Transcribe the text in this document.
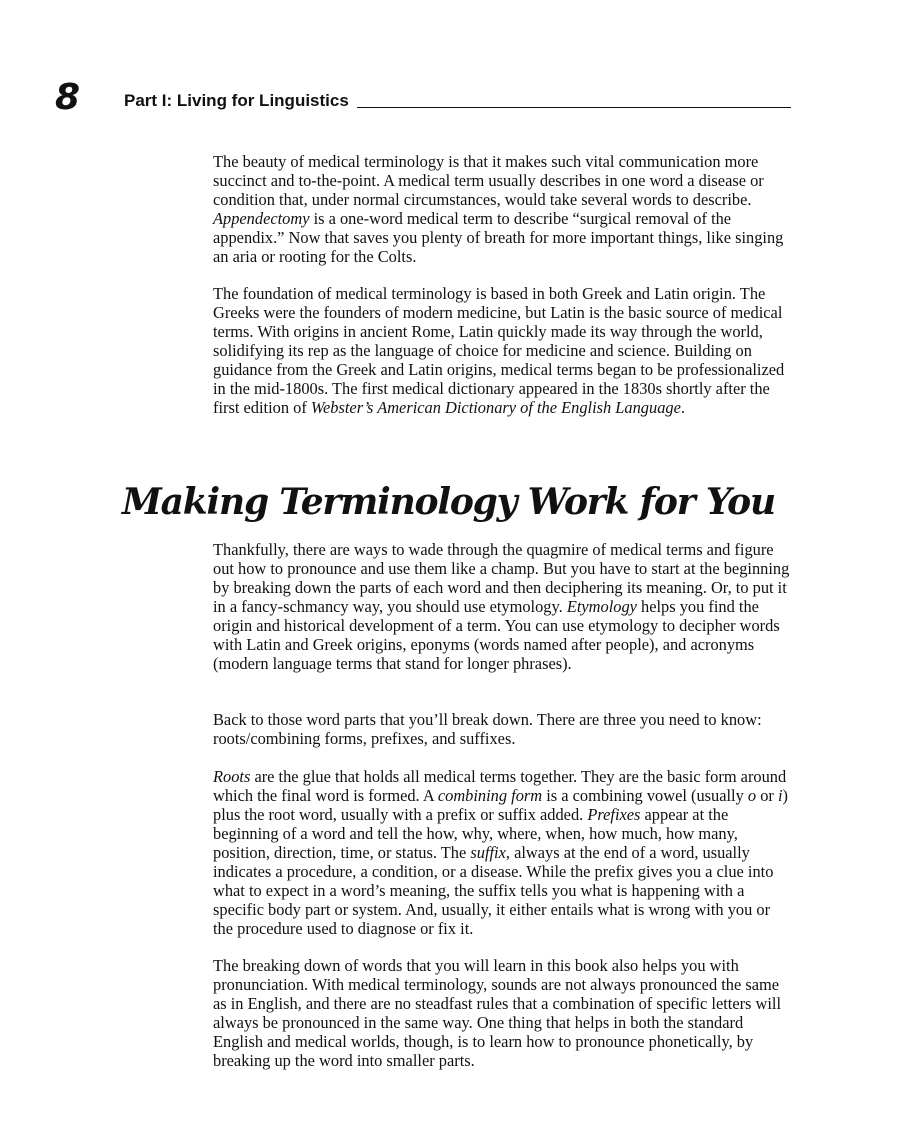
8	Part I: Living for Linguistics

The beauty of medical terminology is that it makes such vital communication more succinct and to-the-point. A medical term usually describes in one word a disease or condition that, under normal circumstances, would take several words to describe. Appendectomy is a one-word medical term to describe “surgical removal of the appendix.” Now that saves you plenty of breath for more important things, like singing an aria or rooting for the Colts.

The foundation of medical terminology is based in both Greek and Latin origin. The Greeks were the founders of modern medicine, but Latin is the basic source of medical terms. With origins in ancient Rome, Latin quickly made its way through the world, solidifying its rep as the language of choice for medicine and science. Building on guidance from the Greek and Latin origins, medical terms began to be professionalized in the mid-1800s. The first medical dictionary appeared in the 1830s shortly after the first edition of Webster’s American Dictionary of the English Language.

Making Terminology Work for You

Thankfully, there are ways to wade through the quagmire of medical terms and figure out how to pronounce and use them like a champ. But you have to start at the beginning by breaking down the parts of each word and then deciphering its meaning. Or, to put it in a fancy-schmancy way, you should use etymology. Etymology helps you find the origin and historical development of a term. You can use etymology to decipher words with Latin and Greek origins, eponyms (words named after people), and acronyms (modern language terms that stand for longer phrases).

Back to those word parts that you’ll break down. There are three you need to know: roots/combining forms, prefixes, and suffixes.

Roots are the glue that holds all medical terms together. They are the basic form around which the final word is formed. A combining form is a combining vowel (usually o or i) plus the root word, usually with a prefix or suffix added. Prefixes appear at the beginning of a word and tell the how, why, where, when, how much, how many, position, direction, time, or status. The suffix, always at the end of a word, usually indicates a procedure, a condition, or a disease. While the prefix gives you a clue into what to expect in a word’s meaning, the suffix tells you what is happening with a specific body part or system. And, usually, it either entails what is wrong with you or the procedure used to diagnose or fix it.

The breaking down of words that you will learn in this book also helps you with pronunciation. With medical terminology, sounds are not always pronounced the same as in English, and there are no steadfast rules that a combination of specific letters will always be pronounced in the same way. One thing that helps in both the standard English and medical worlds, though, is to learn how to pronounce phonetically, by breaking up the word into smaller parts.
